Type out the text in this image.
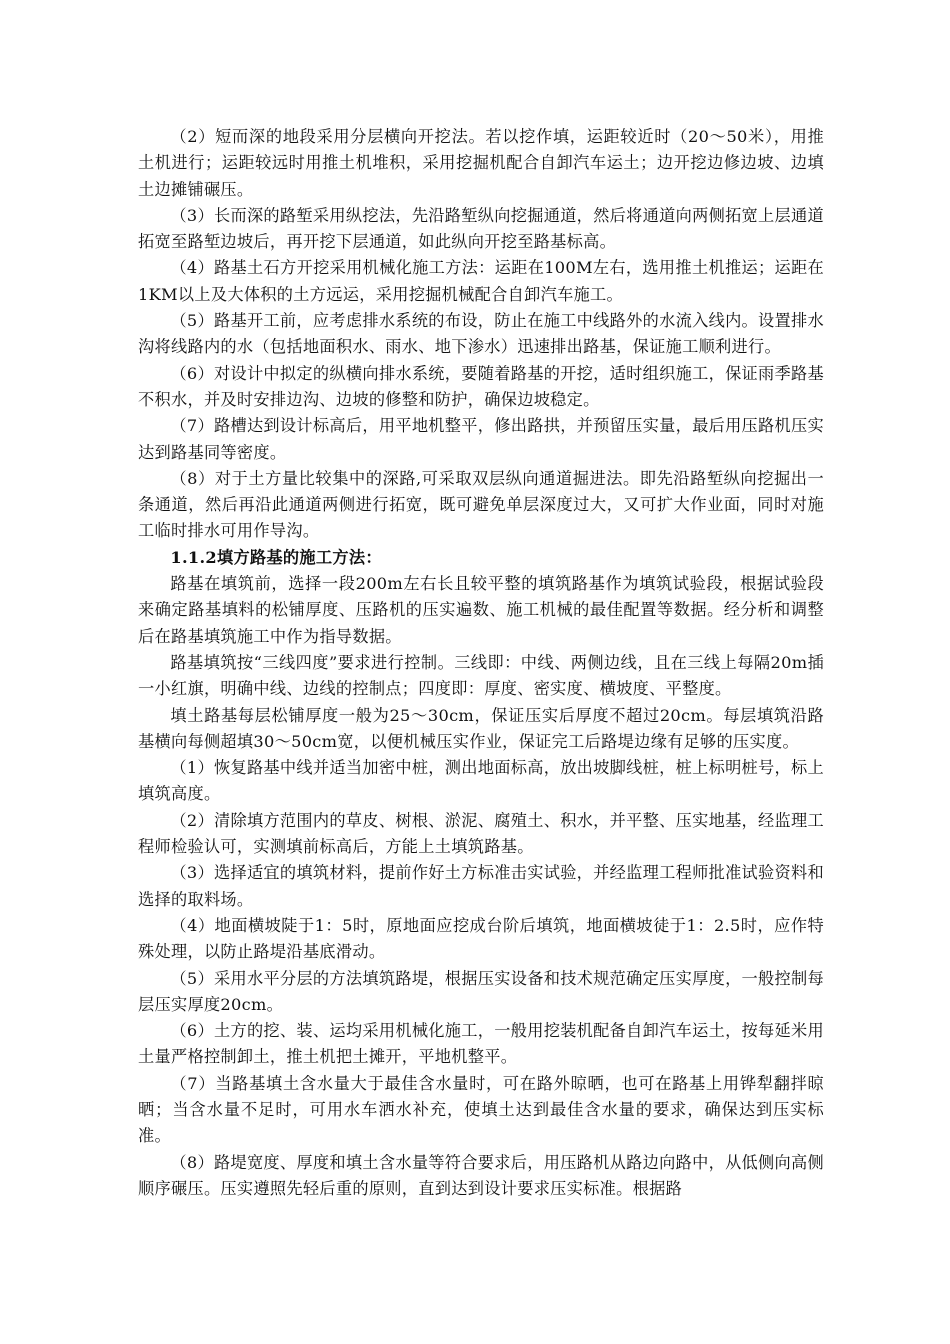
（2）短而深的地段采用分层横向开挖法。若以挖作填，运距较近时（20～50米），用推土机进行；运距较远时用推土机堆积，采用挖掘机配合自卸汽车运土；边开挖边修边坡、边填土边摊铺碾压。

（3）长而深的路堑采用纵挖法，先沿路堑纵向挖掘通道，然后将通道向两侧拓宽上层通道拓宽至路堑边坡后，再开挖下层通道，如此纵向开挖至路基标高。

（4）路基土石方开挖采用机械化施工方法：运距在100M左右，选用推土机推运；运距在1KM以上及大体积的土方远运，采用挖掘机械配合自卸汽车施工。

（5）路基开工前，应考虑排水系统的布设，防止在施工中线路外的水流入线内。设置排水沟将线路内的水（包括地面积水、雨水、地下渗水）迅速排出路基，保证施工顺利进行。

（6）对设计中拟定的纵横向排水系统，要随着路基的开挖，适时组织施工，保证雨季路基不积水，并及时安排边沟、边坡的修整和防护，确保边坡稳定。

（7）路槽达到设计标高后，用平地机整平，修出路拱，并预留压实量，最后用压路机压实达到路基同等密度。

（8）对于土方量比较集中的深路,可采取双层纵向通道掘进法。即先沿路堑纵向挖掘出一条通道，然后再沿此通道两侧进行拓宽，既可避免单层深度过大，又可扩大作业面，同时对施工临时排水可用作导沟。

1.1.2填方路基的施工方法：

路基在填筑前，选择一段200m左右长且较平整的填筑路基作为填筑试验段，根据试验段来确定路基填料的松铺厚度、压路机的压实遍数、施工机械的最佳配置等数据。经分析和调整后在路基填筑施工中作为指导数据。

路基填筑按“三线四度”要求进行控制。三线即：中线、两侧边线，且在三线上每隔20m插一小红旗，明确中线、边线的控制点；四度即：厚度、密实度、横坡度、平整度。

填土路基每层松铺厚度一般为25～30cm，保证压实后厚度不超过20cm。每层填筑沿路基横向每侧超填30～50cm宽，以便机械压实作业，保证完工后路堤边缘有足够的压实度。

（1）恢复路基中线并适当加密中桩，测出地面标高，放出坡脚线桩，桩上标明桩号，标上填筑高度。

（2）清除填方范围内的草皮、树根、淤泥、腐殖土、积水，并平整、压实地基，经监理工程师检验认可，实测填前标高后，方能上土填筑路基。

（3）选择适宜的填筑材料，提前作好土方标准击实试验，并经监理工程师批准试验资料和选择的取料场。

（4）地面横坡陡于1：5时，原地面应挖成台阶后填筑，地面横坡徒于1：2.5时，应作特殊处理，以防止路堤沿基底滑动。

（5）采用水平分层的方法填筑路堤，根据压实设备和技术规范确定压实厚度，一般控制每层压实厚度20cm。

（6）土方的挖、装、运均采用机械化施工，一般用挖装机配备自卸汽车运土，按每延米用土量严格控制卸土，推土机把土摊开，平地机整平。

（7）当路基填土含水量大于最佳含水量时，可在路外晾晒，也可在路基上用铧犁翻拌晾晒；当含水量不足时，可用水车洒水补充，使填土达到最佳含水量的要求，确保达到压实标准。

（8）路堤宽度、厚度和填土含水量等符合要求后，用压路机从路边向路中，从低侧向高侧顺序碾压。压实遵照先轻后重的原则，直到达到设计要求压实标准。根据路
